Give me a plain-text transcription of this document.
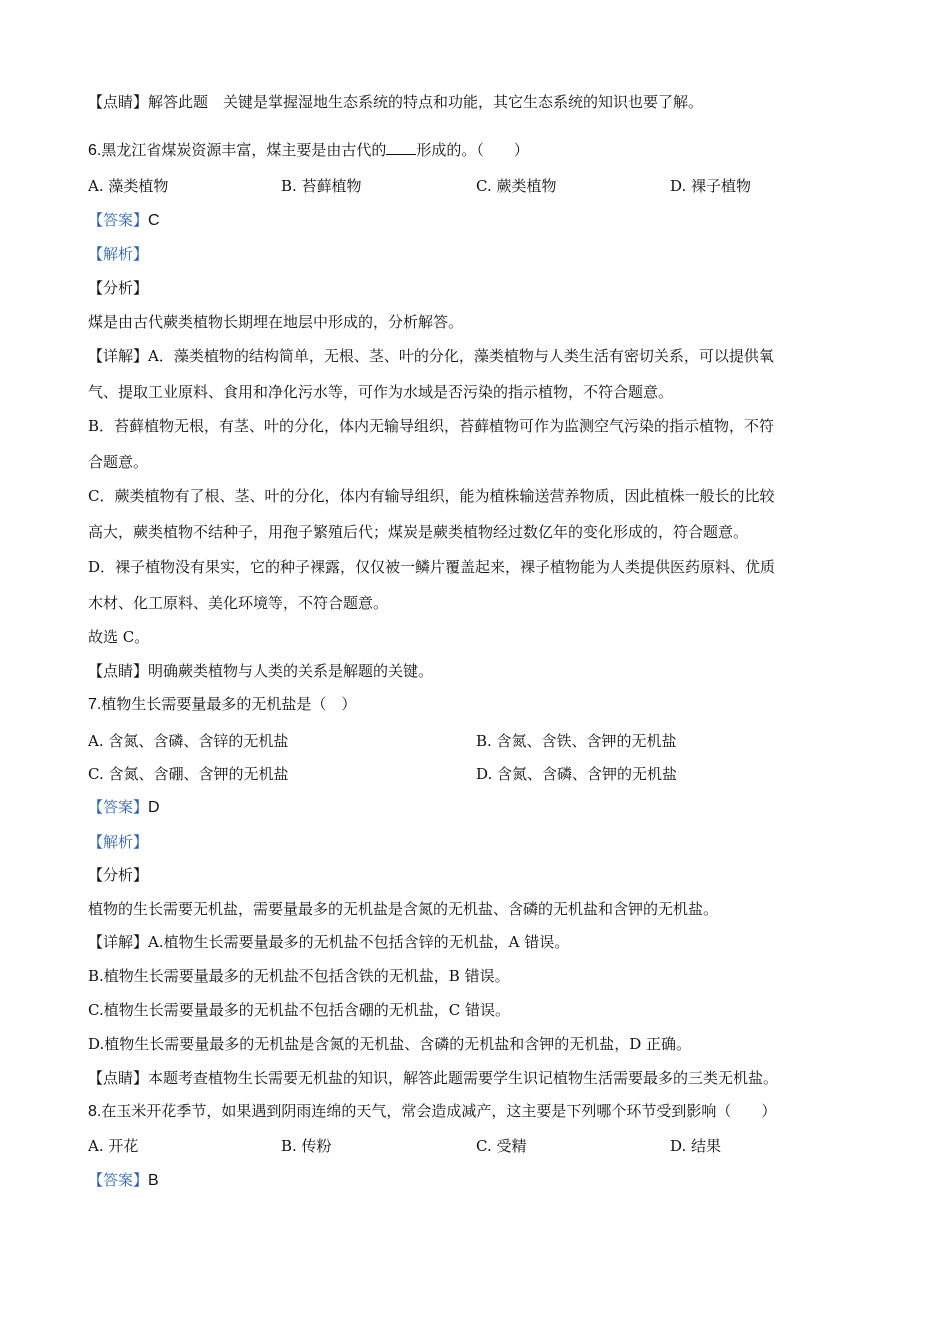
【点睛】解答此题　关键是掌握湿地生态系统的特点和功能，其它生态系统的知识也要了解。
6.黑龙江省煤炭资源丰富，煤主要是由古代的 形成的。（　　）
A. 藻类植物	B. 苔藓植物	C. 蕨类植物	D. 裸子植物
【答案】C
【解析】
【分析】
煤是由古代蕨类植物长期埋在地层中形成的，分析解答。
【详解】A．藻类植物的结构简单，无根、茎、叶的分化，藻类植物与人类生活有密切关系，可以提供氧
气、提取工业原料、食用和净化污水等，可作为水域是否污染的指示植物，不符合题意。
B．苔藓植物无根，有茎、叶的分化，体内无输导组织，苔藓植物可作为监测空气污染的指示植物，不符
合题意。
C．蕨类植物有了根、茎、叶的分化，体内有输导组织，能为植株输送营养物质，因此植株一般长的比较
高大，蕨类植物不结种子，用孢子繁殖后代；煤炭是蕨类植物经过数亿年的变化形成的，符合题意。
D．裸子植物没有果实，它的种子裸露，仅仅被一鳞片覆盖起来，裸子植物能为人类提供医药原料、优质
木材、化工原料、美化环境等，不符合题意。
故选 C。
【点睛】明确蕨类植物与人类的关系是解题的关键。
7.植物生长需要量最多的无机盐是（　）
A. 含氮、含磷、含锌的无机盐	B. 含氮、含铁、含钾的无机盐
C. 含氮、含硼、含钾的无机盐	D. 含氮、含磷、含钾的无机盐
【答案】D
【解析】
【分析】
植物的生长需要无机盐，需要量最多的无机盐是含氮的无机盐、含磷的无机盐和含钾的无机盐。
【详解】A.植物生长需要量最多的无机盐不包括含锌的无机盐，A 错误。
B.植物生长需要量最多的无机盐不包括含铁的无机盐，B 错误。
C.植物生长需要量最多的无机盐不包括含硼的无机盐，C 错误。
D.植物生长需要量最多的无机盐是含氮的无机盐、含磷的无机盐和含钾的无机盐，D 正确。
【点睛】本题考查植物生长需要无机盐的知识，解答此题需要学生识记植物生活需要最多的三类无机盐。
8.在玉米开花季节，如果遇到阴雨连绵的天气，常会造成减产，这主要是下列哪个环节受到影响（　　）
A. 开花	B. 传粉	C. 受精	D. 结果
【答案】B
